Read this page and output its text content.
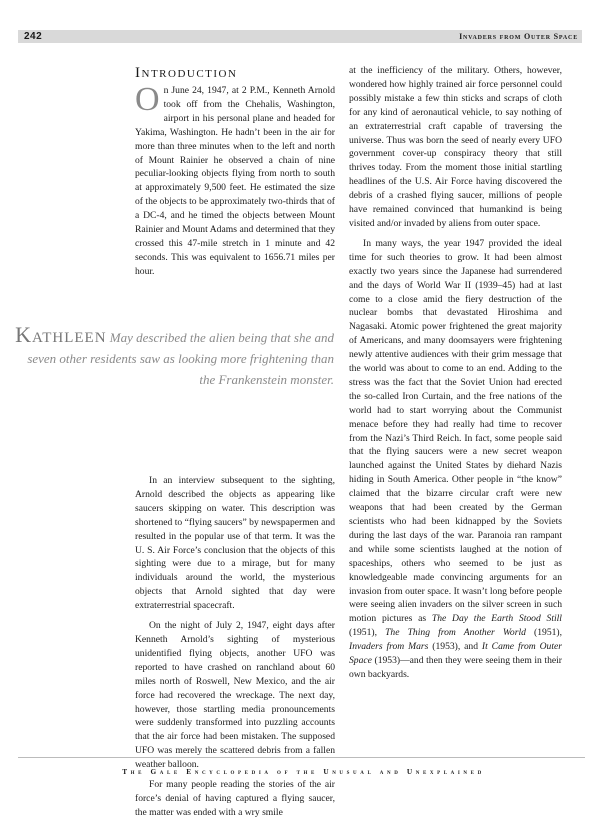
242	Invaders from Outer Space
Introduction

On June 24, 1947, at 2 P.M., Kenneth Arnold took off from the Chehalis, Washington, airport in his personal plane and headed for Yakima, Washington. He hadn’t been in the air for more than three minutes when to the left and north of Mount Rainier he observed a chain of nine peculiar-looking objects flying from north to south at approximately 9,500 feet. He estimated the size of the objects to be approximately two-thirds that of a DC-4, and he timed the objects between Mount Rainier and Mount Adams and determined that they crossed this 47-mile stretch in 1 minute and 42 seconds. This was equivalent to 1656.71 miles per hour.

Kathleen May described the alien being that she and seven other residents saw as looking more frightening than the Frankenstein monster.

In an interview subsequent to the sighting, Arnold described the objects as appearing like saucers skipping on water. This description was shortened to “flying saucers” by newspapermen and resulted in the popular use of that term. It was the U. S. Air Force’s conclusion that the objects of this sighting were due to a mirage, but for many individuals around the world, the mysterious objects that Arnold sighted that day were extraterrestrial spacecraft.

On the night of July 2, 1947, eight days after Kenneth Arnold’s sighting of mysterious unidentified flying objects, another UFO was reported to have crashed on ranchland about 60 miles north of Roswell, New Mexico, and the air force had recovered the wreckage. The next day, however, those startling media pronouncements were suddenly transformed into puzzling accounts that the air force had been mistaken. The supposed UFO was merely the scattered debris from a fallen weather balloon.

For many people reading the stories of the air force’s denial of having captured a flying saucer, the matter was ended with a wry smile

at the inefficiency of the military. Others, however, wondered how highly trained air force personnel could possibly mistake a few thin sticks and scraps of cloth for any kind of aeronautical vehicle, to say nothing of an extraterrestrial craft capable of traversing the universe. Thus was born the seed of nearly every UFO government cover-up conspiracy theory that still thrives today. From the moment those initial startling headlines of the U.S. Air Force having discovered the debris of a crashed flying saucer, millions of people have remained convinced that humankind is being visited and/or invaded by aliens from outer space.

In many ways, the year 1947 provided the ideal time for such theories to grow. It had been almost exactly two years since the Japanese had surrendered and the days of World War II (1939–45) had at last come to a close amid the fiery destruction of the nuclear bombs that devastated Hiroshima and Nagasaki. Atomic power frightened the great majority of Americans, and many doomsayers were frightening newly attentive audiences with their grim message that the world was about to come to an end. Adding to the stress was the fact that the Soviet Union had erected the so-called Iron Curtain, and the free nations of the world had to start worrying about the Communist menace before they had really had time to recover from the Nazi’s Third Reich. In fact, some people said that the flying saucers were a new secret weapon launched against the United States by diehard Nazis hiding in South America. Other people in “the know” claimed that the bizarre circular craft were new weapons that had been created by the German scientists who had been kidnapped by the Soviets during the last days of the war. Paranoia ran rampant and while some scientists laughed at the notion of spaceships, others who seemed to be just as knowledgeable made convincing arguments for an invasion from outer space. It wasn’t long before people were seeing alien invaders on the silver screen in such motion pictures as The Day the Earth Stood Still (1951), The Thing from Another World (1951), Invaders from Mars (1953), and It Came from Outer Space (1953)—and then they were seeing them in their own backyards.

The Gale Encyclopedia of the Unusual and Unexplained
